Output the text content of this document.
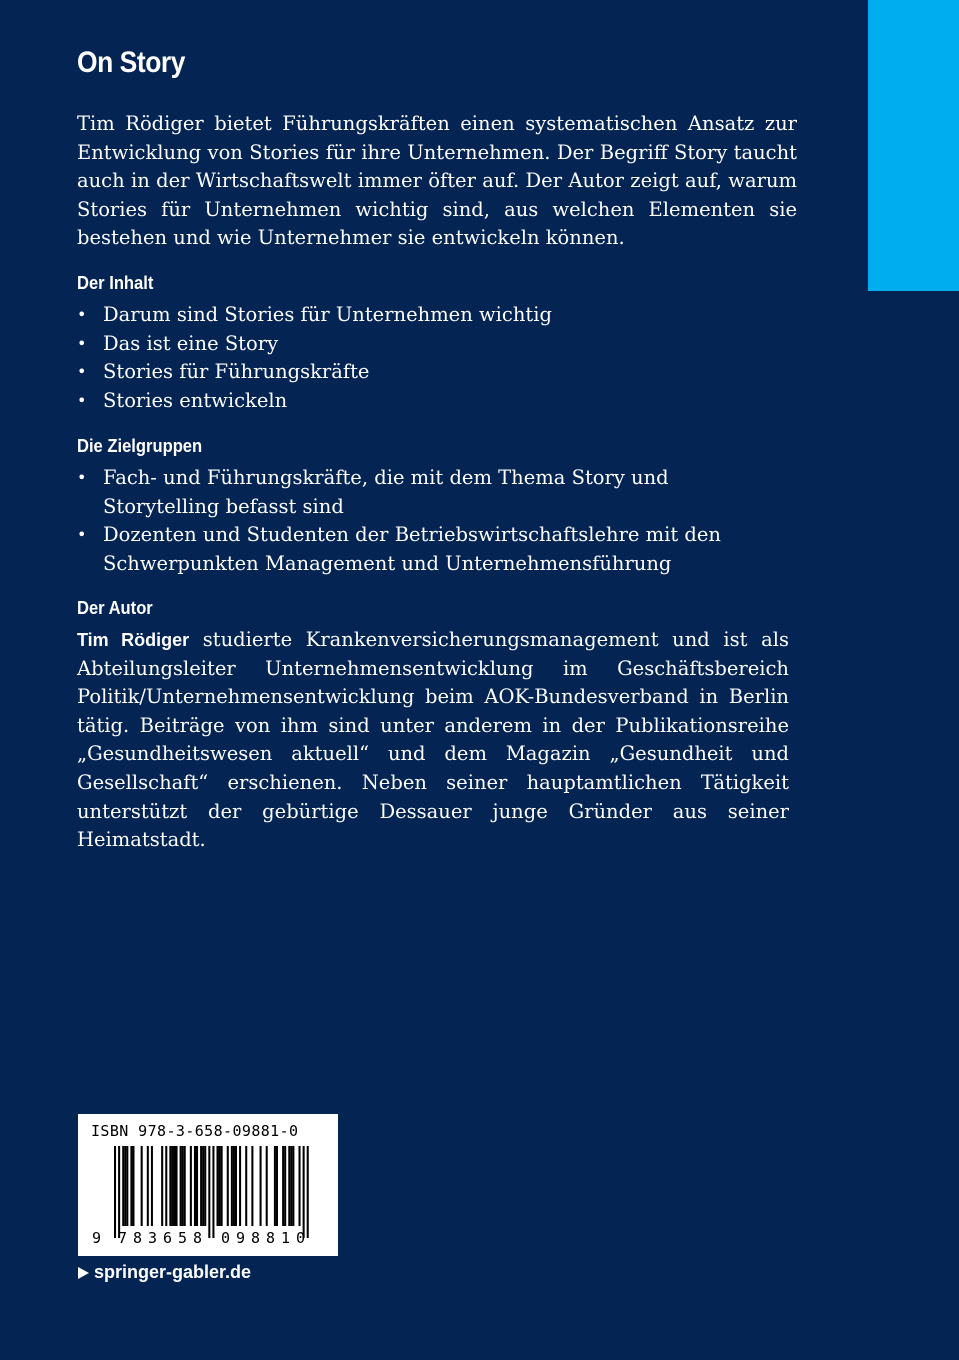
On Story

Tim Rödiger bietet Führungskräften einen systematischen Ansatz zur Entwicklung von Stories für ihre Unternehmen. Der Begriff Story taucht auch in der Wirtschaftswelt immer öfter auf. Der Autor zeigt auf, warum Stories für Unternehmen wichtig sind, aus welchen Elementen sie bestehen und wie Unternehmer sie entwickeln können.

Der Inhalt
• Darum sind Stories für Unternehmen wichtig
• Das ist eine Story
• Stories für Führungskräfte
• Stories entwickeln
Die Zielgruppen
• Fach- und Führungskräfte, die mit dem Thema Story und Storytelling befasst sind
• Dozenten und Studenten der Betriebswirtschaftslehre mit den Schwerpunkten Management und Unternehmensführung
Der Autor

Tim Rödiger studierte Krankenversicherungsmanagement und ist als Abteilungsleiter Unternehmensentwicklung im Geschäftsbereich Politik/Unternehmensentwicklung beim AOK-Bundesverband in Berlin tätig. Beiträge von ihm sind unter anderem in der Publikationsreihe „Gesundheitswesen aktuell“ und dem Magazin „Gesundheit und Gesellschaft“ erschienen. Neben seiner hauptamtlichen Tätigkeit unterstützt der gebürtige Dessauer junge Gründer aus seiner Heimatstadt.

ISBN 978-3-658-09881-0
9 783658 098810
springer-gabler.de
